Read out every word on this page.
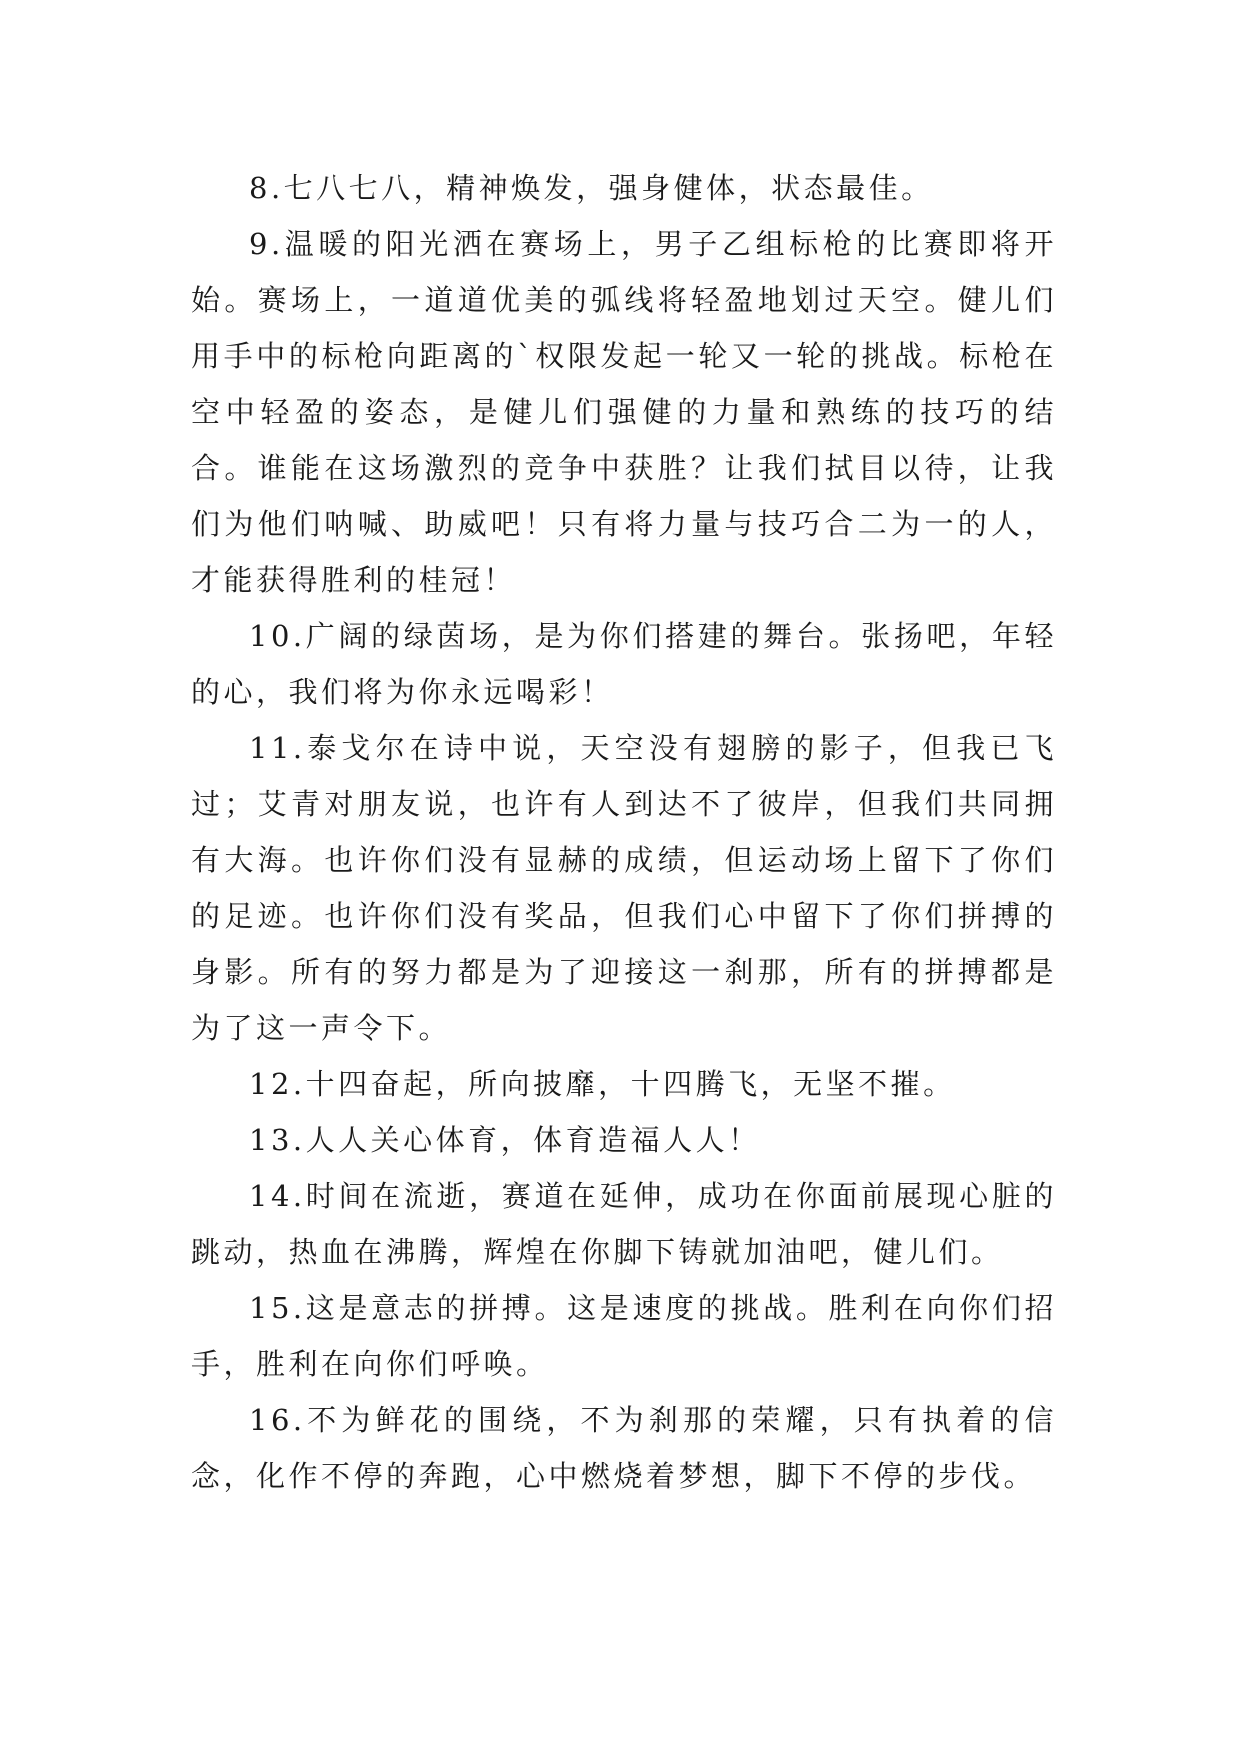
8.七八七八，精神焕发，强身健体，状态最佳。

9.温暖的阳光洒在赛场上，男子乙组标枪的比赛即将开始。赛场上，一道道优美的弧线将轻盈地划过天空。健儿们用手中的标枪向距离的`权限发起一轮又一轮的挑战。标枪在空中轻盈的姿态，是健儿们强健的力量和熟练的技巧的结合。谁能在这场激烈的竞争中获胜？让我们拭目以待，让我们为他们呐喊、助威吧！只有将力量与技巧合二为一的人，才能获得胜利的桂冠！

10.广阔的绿茵场，是为你们搭建的舞台。张扬吧，年轻的心，我们将为你永远喝彩！

11.泰戈尔在诗中说，天空没有翅膀的影子，但我已飞过；艾青对朋友说，也许有人到达不了彼岸，但我们共同拥有大海。也许你们没有显赫的成绩，但运动场上留下了你们的足迹。也许你们没有奖品，但我们心中留下了你们拼搏的身影。所有的努力都是为了迎接这一刹那，所有的拼搏都是为了这一声令下。

12.十四奋起，所向披靡，十四腾飞，无坚不摧。

13.人人关心体育，体育造福人人！

14.时间在流逝，赛道在延伸，成功在你面前展现心脏的跳动，热血在沸腾，辉煌在你脚下铸就加油吧，健儿们。

15.这是意志的拼搏。这是速度的挑战。胜利在向你们招手，胜利在向你们呼唤。

16.不为鲜花的围绕，不为刹那的荣耀，只有执着的信念，化作不停的奔跑，心中燃烧着梦想，脚下不停的步伐。
